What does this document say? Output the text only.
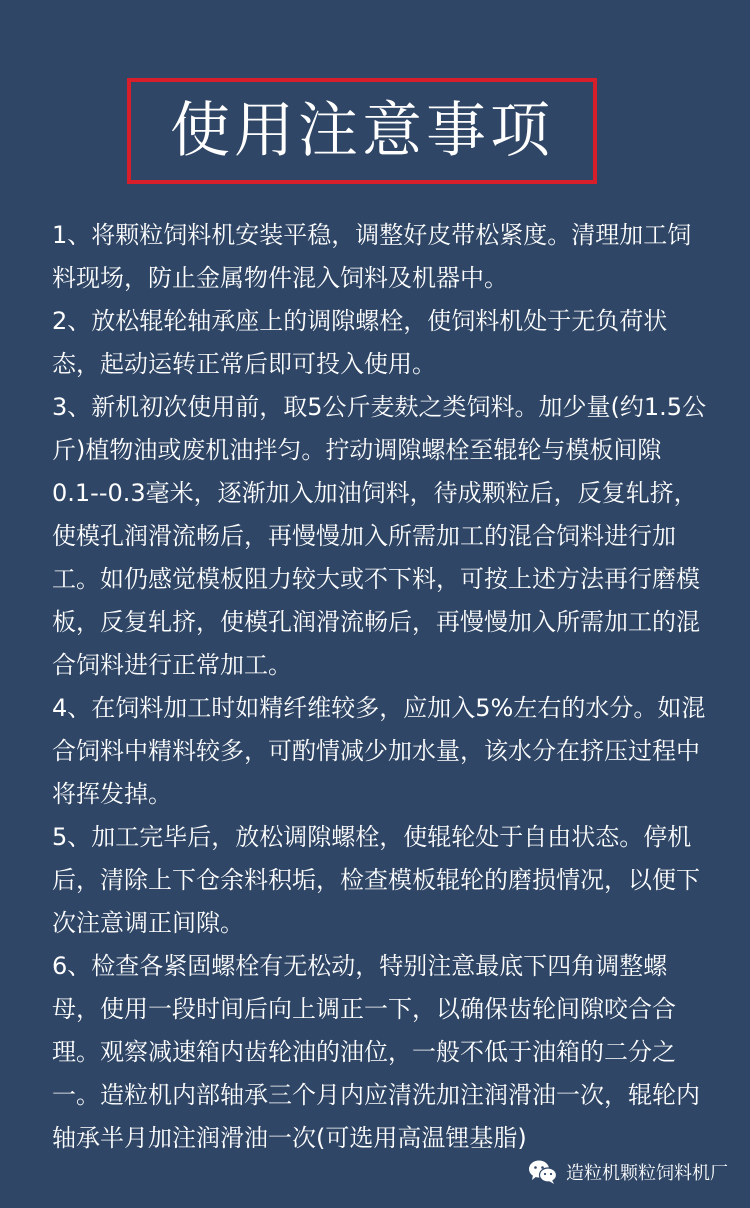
使用注意事项
1、将颗粒饲料机安装平稳，调整好皮带松紧度。清理加工饲
料现场，防止金属物件混入饲料及机器中。
2、放松辊轮轴承座上的调隙螺栓，使饲料机处于无负荷状
态，起动运转正常后即可投入使用。
3、新机初次使用前，取5公斤麦麸之类饲料。加少量(约1.5公
斤)植物油或废机油拌匀。拧动调隙螺栓至辊轮与模板间隙
0.1--0.3毫米，逐渐加入加油饲料，待成颗粒后，反复轧挤，
使模孔润滑流畅后，再慢慢加入所需加工的混合饲料进行加
工。如仍感觉模板阻力较大或不下料，可按上述方法再行磨模
板，反复轧挤，使模孔润滑流畅后，再慢慢加入所需加工的混
合饲料进行正常加工。
4、在饲料加工时如精纤维较多，应加入5%左右的水分。如混
合饲料中精料较多，可酌情减少加水量，该水分在挤压过程中
将挥发掉。
5、加工完毕后，放松调隙螺栓，使辊轮处于自由状态。停机
后，清除上下仓余料积垢，检查模板辊轮的磨损情况，以便下
次注意调正间隙。
6、检查各紧固螺栓有无松动，特别注意最底下四角调整螺
母，使用一段时间后向上调正一下，以确保齿轮间隙咬合合
理。观察减速箱内齿轮油的油位，一般不低于油箱的二分之
一。造粒机内部轴承三个月内应清洗加注润滑油一次，辊轮内
轴承半月加注润滑油一次(可选用高温锂基脂)
造粒机颗粒饲料机厂
